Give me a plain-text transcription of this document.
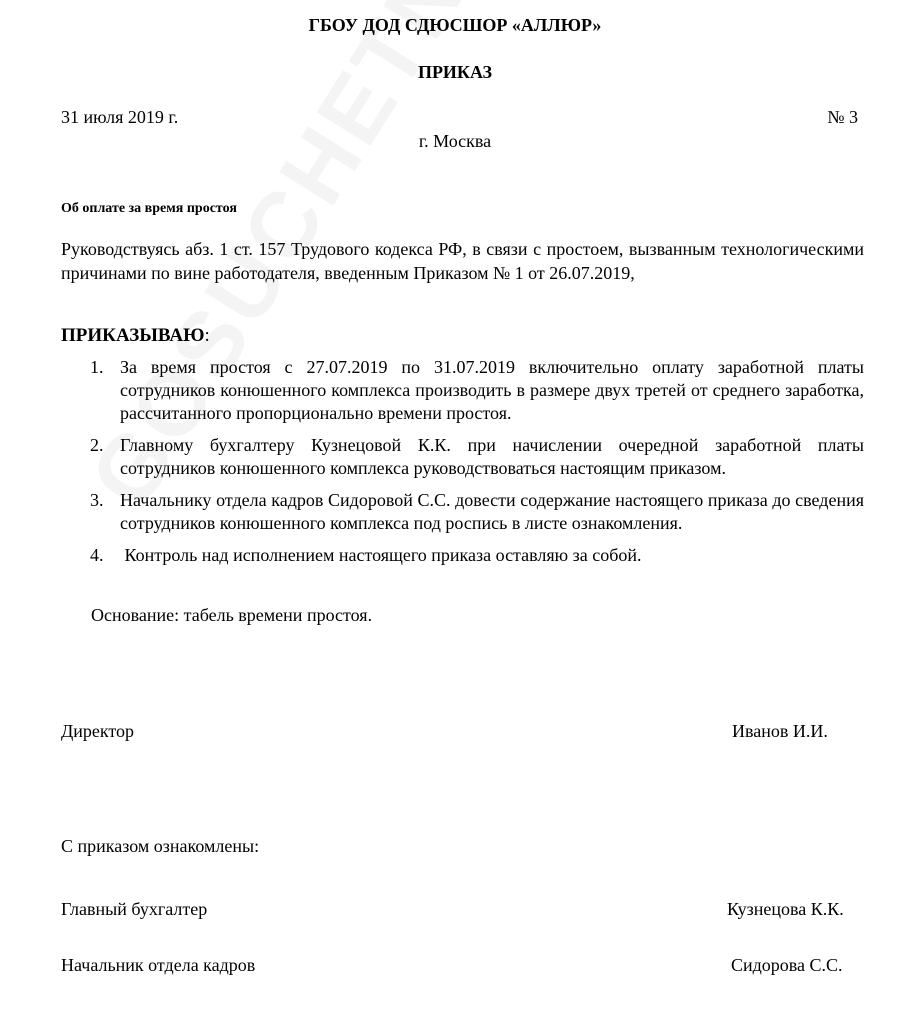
ГБОУ ДОД СДЮСШОР «АЛЛЮР»
ПРИКАЗ
31 июля 2019 г.	№ 3
г. Москва
Об оплате за время простоя
Руководствуясь абз. 1 ст. 157 Трудового кодекса РФ, в связи с простоем, вызванным технологическими причинами по вине работодателя, введенным Приказом № 1 от 26.07.2019,
ПРИКАЗЫВАЮ:
1. За время простоя с 27.07.2019 по 31.07.2019 включительно оплату заработной платы сотрудников конюшенного комплекса производить в размере двух третей от среднего заработка, рассчитанного пропорционально времени простоя.
2. Главному бухгалтеру Кузнецовой К.К. при начислении очередной заработной платы сотрудников конюшенного комплекса руководствоваться настоящим приказом.
3. Начальнику отдела кадров Сидоровой С.С. довести содержание настоящего приказа до сведения сотрудников конюшенного комплекса под роспись в листе ознакомления.
4. Контроль над исполнением настоящего приказа оставляю за собой.
Основание: табель времени простоя.
Директор	Иванов И.И.
С приказом ознакомлены:
Главный бухгалтер	Кузнецова К.К.
Начальник отдела кадров	Сидорова С.С.
